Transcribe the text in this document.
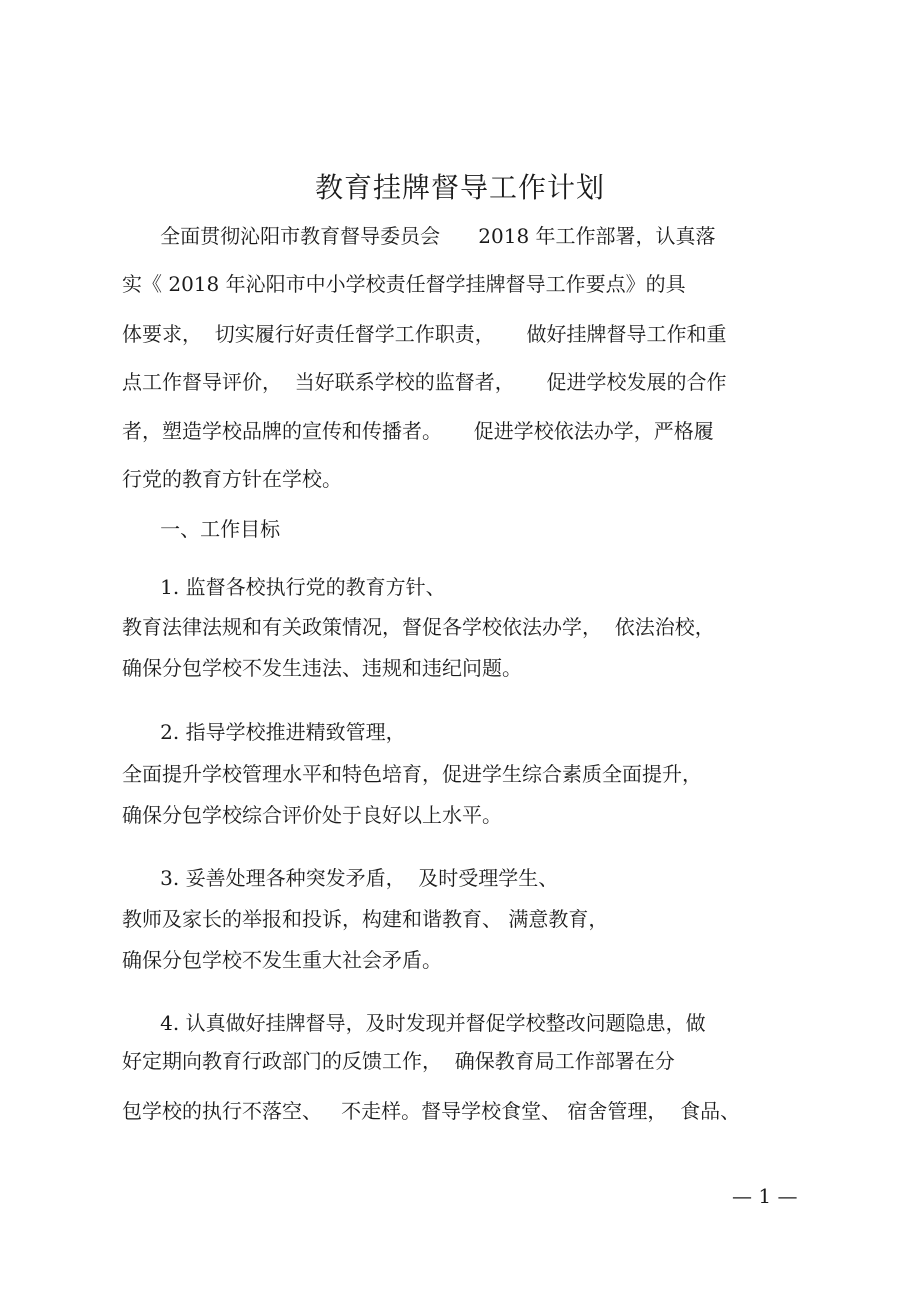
教育挂牌督导工作计划
全面贯彻沁阳市教育督导委员会      2018 年工作部署，认真落
实《 2018 年沁阳市中小学校责任督学挂牌督导工作要点》的具
体要求，  切实履行好责任督学工作职责，     做好挂牌督导工作和重
点工作督导评价，  当好联系学校的监督者，     促进学校发展的合作
者，塑造学校品牌的宣传和传播者。     促进学校依法办学，严格履
行党的教育方针在学校。
一、工作目标
1. 监督各校执行党的教育方针、
教育法律法规和有关政策情况，督促各学校依法办学，  依法治校，
确保分包学校不发生违法、违规和违纪问题。
2. 指导学校推进精致管理，
全面提升学校管理水平和特色培育，促进学生综合素质全面提升，
确保分包学校综合评价处于良好以上水平。
3. 妥善处理各种突发矛盾，  及时受理学生、
教师及家长的举报和投诉，构建和谐教育、 满意教育，
确保分包学校不发生重大社会矛盾。
4. 认真做好挂牌督导，及时发现并督促学校整改问题隐患，做
好定期向教育行政部门的反馈工作，  确保教育局工作部署在分
包学校的执行不落空、   不走样。督导学校食堂、 宿舍管理，  食品、
— 1 —
